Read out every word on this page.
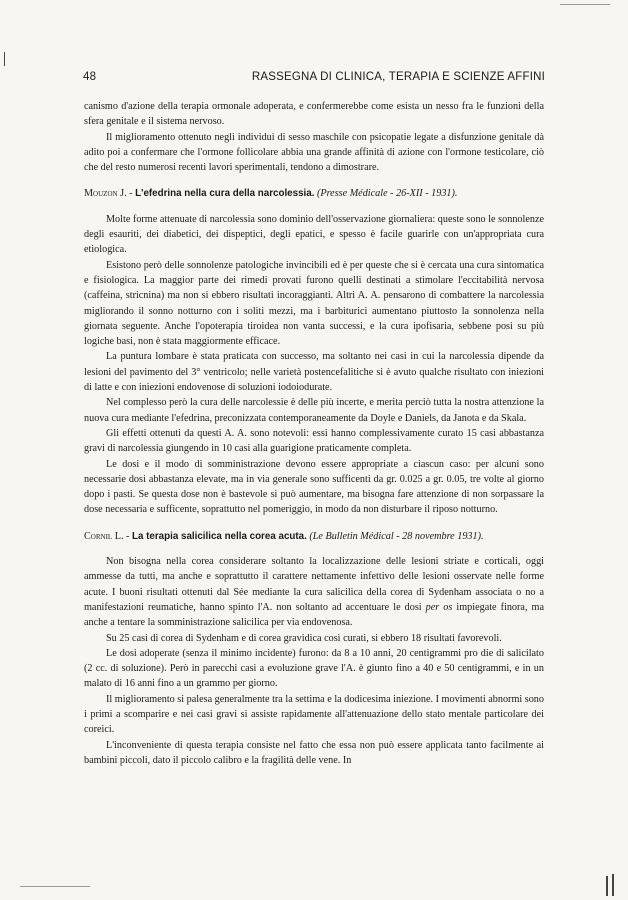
48	RASSEGNA DI CLINICA, TERAPIA E SCIENZE AFFINI

canismo d'azione della terapia ormonale adoperata, e confermerebbe come esista un nesso fra le funzioni della sfera genitale e il sistema nervoso.

Il miglioramento ottenuto negli individui di sesso maschile con psicopatie legate a disfunzione genitale dà adito poi a confermare che l'ormone follicolare abbia una grande affinità di azione con l'ormone testicolare, ciò che del resto numerosi recenti lavori sperimentali, tendono a dimostrare.

Mouzon J. - L'efedrina nella cura della narcolessia. (Presse Médicale - 26-XII - 1931).

Molte forme attenuate di narcolessia sono dominio dell'osservazione giornaliera: queste sono le sonnolenze degli esauriti, dei diabetici, dei dispeptici, degli epatici, e spesso è facile guarirle con un'appropriata cura etiologica.

Esistono però delle sonnolenze patologiche invincibili ed è per queste che si è cercata una cura sintomatica e fisiologica. La maggior parte dei rimedi provati furono quelli destinati a stimolare l'eccitabilità nervosa (caffeina, stricnina) ma non si ebbero risultati incoraggianti. Altri A. A. pensarono di combattere la narcolessia migliorando il sonno notturno con i soliti mezzi, ma i barbiturici aumentano piuttosto la sonnolenza nella giornata seguente. Anche l'opoterapia tiroidea non vanta successi, e la cura ipofisaria, sebbene posi su più logiche basi, non è stata maggiormente efficace.

La puntura lombare è stata praticata con successo, ma soltanto nei casi in cui la narcolessia dipende da lesioni del pavimento del 3° ventricolo; nelle varietà postencefalitiche si è avuto qualche risultato con iniezioni di latte e con iniezioni endovenose di soluzioni iodoiodurate.

Nel complesso però la cura delle narcolessie è delle più incerte, e merita perciò tutta la nostra attenzione la nuova cura mediante l'efedrina, preconizzata contemporaneamente da Doyle e Daniels, da Janota e da Skala.

Gli effetti ottenuti da questi A. A. sono notevoli: essi hanno complessivamente curato 15 casi abbastanza gravi di narcolessia giungendo in 10 casi alla guarigione praticamente completa.

Le dosi e il modo di somministrazione devono essere appropriate a ciascun caso: per alcuni sono necessarie dosi abbastanza elevate, ma in via generale sono sufficenti da gr. 0.025 a gr. 0.05, tre volte al giorno dopo i pasti. Se questa dose non è bastevole si può aumentare, ma bisogna fare attenzione di non sorpassare la dose necessaria e sufficente, soprattutto nel pomeriggio, in modo da non disturbare il riposo notturno.

Cornil L. - La terapia salicilica nella corea acuta. (Le Bulletin Médical - 28 novembre 1931).

Non bisogna nella corea considerare soltanto la localizzazione delle lesioni striate e corticali, oggi ammesse da tutti, ma anche e soprattutto il carattere nettamente infettivo delle lesioni osservate nelle forme acute. I buoni risultati ottenuti dal Sée mediante la cura salicilica della corea di Sydenham associata o no a manifestazioni reumatiche, hanno spinto l'A. non soltanto ad accentuare le dosi per os impiegate finora, ma anche a tentare la somministrazione salicilica per via endovenosa.

Su 25 casi di corea di Sydenham e di corea gravidica così curati, si ebbero 18 risultati favorevoli.

Le dosi adoperate (senza il minimo incidente) furono: da 8 a 10 anni, 20 centigrammi pro die di salicilato (2 cc. di soluzione). Però in parecchi casi a evoluzione grave l'A. è giunto fino a 40 e 50 centigrammi, e in un malato di 16 anni fino a un grammo per giorno.

Il miglioramento si palesa generalmente tra la settima e la dodicesima iniezione. I movimenti abnormi sono i primi a scomparire e nei casi gravi si assiste rapidamente all'attenuazione dello stato mentale particolare dei coreici.

L'inconveniente di questa terapia consiste nel fatto che essa non può essere applicata tanto facilmente ai bambini piccoli, dato il piccolo calibro e la fragilità delle vene. In
